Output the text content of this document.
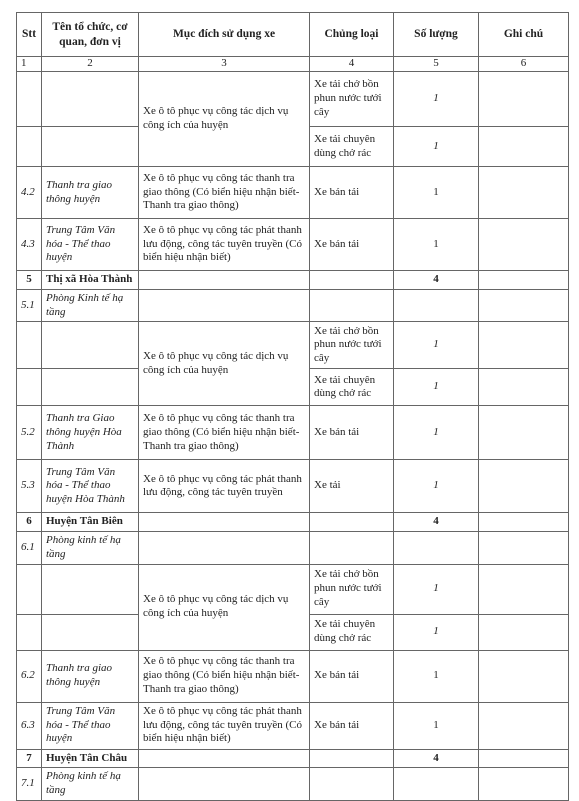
Stt	Tên tổ chức, cơ quan, đơn vị	Mục đích sử dụng xe	Chủng loại	Số lượng	Ghi chú
1	2	3	4	5	6
		Xe ô tô phục vụ công tác dịch vụ công ích của huyện	Xe tải chở bồn phun nước tưới cây	1	
			Xe tải chuyên dùng chở rác	1	
4.2	Thanh tra giao thông huyện	Xe ô tô phục vụ công tác thanh tra giao thông (Có biển hiệu nhận biết-Thanh tra giao thông)	Xe bán tải	1	
4.3	Trung Tâm Văn hóa - Thể thao huyện	Xe ô tô phục vụ công tác phát thanh lưu động, công tác tuyên truyền (Có biển hiệu nhận biết)	Xe bán tải	1	
5	Thị xã Hòa Thành			4	
5.1	Phòng Kinh tế hạ tầng				
		Xe ô tô phục vụ công tác dịch vụ công ích của huyện	Xe tải chở bồn phun nước tưới cây	1	
			Xe tải chuyên dùng chở rác	1	
5.2	Thanh tra Giao thông huyện Hòa Thành	Xe ô tô phục vụ công tác thanh tra giao thông (Có biển hiệu nhận biết-Thanh tra giao thông)	Xe bán tải	1	
5.3	Trung Tâm Văn hóa - Thể thao huyện Hòa Thành	Xe ô tô phục vụ công tác phát thanh lưu động, công tác tuyên truyền	Xe tải	1	
6	Huyện Tân Biên			4	
6.1	Phòng kinh tế hạ tầng				
		Xe ô tô phục vụ công tác dịch vụ công ích của huyện	Xe tải chở bồn phun nước tưới cây	1	
			Xe tải chuyên dùng chở rác	1	
6.2	Thanh tra giao thông huyện	Xe ô tô phục vụ công tác thanh tra giao thông (Có biển hiệu nhận biết-Thanh tra giao thông)	Xe bán tải	1	
6.3	Trung Tâm Văn hóa - Thể thao huyện	Xe ô tô phục vụ công tác phát thanh lưu động, công tác tuyên truyền (Có biển hiệu nhận biết)	Xe bán tải	1	
7	Huyện Tân Châu			4	
7.1	Phòng kinh tế hạ tầng				
